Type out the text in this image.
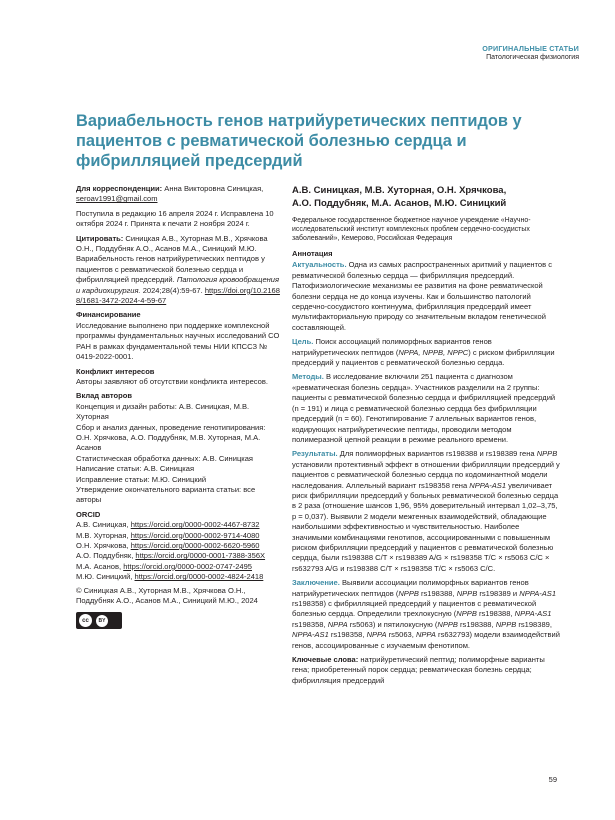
ОРИГИНАЛЬНЫЕ СТАТЬИ
Патологическая физиология
Вариабельность генов натрийуретических пептидов у пациентов с ревматической болезнью сердца и фибрилляцией предсердий

Для корреспонденции: Анна Викторовна Синицкая, seroav1991@gmail.com

Поступила в редакцию 16 апреля 2024 г. Исправлена 10 октября 2024 г. Принята к печати 2 ноября 2024 г.

Цитировать: Синицкая А.В., Хуторная М.В., Хрячкова О.Н., Поддубняк А.О., Асанов М.А., Синицкий М.Ю. Вариабельность генов натрийуретических пептидов у пациентов с ревматической болезнью сердца и фибрилляцией предсердий. Патология кровообращения и кардиохирургия. 2024;28(4):59-67. https://doi.org/10.21688/1681-3472-2024-4-59-67

Финансирование

Исследование выполнено при поддержке комплексной программы фундаментальных научных исследований СО РАН в рамках фундаментальной темы НИИ КПССЗ № 0419-2022-0001.

Конфликт интересов

Авторы заявляют об отсутствии конфликта интересов.

Вклад авторов

Концепция и дизайн работы: А.В. Синицкая, М.В. Хуторная

Сбор и анализ данных, проведение генотипирования: О.Н. Хрячкова, А.О. Поддубняк, М.В. Хуторная, М.А. Асанов

Статистическая обработка данных: А.В. Синицкая

Написание статьи: А.В. Синицкая

Исправление статьи: М.Ю. Синицкий

Утверждение окончательного варианта статьи: все авторы

ORCID

А.В. Синицкая, https://orcid.org/0000-0002-4467-8732

М.В. Хуторная, https://orcid.org/0000-0002-9714-4080

О.Н. Хрячкова, https://orcid.org/0000-0002-6620-5960

А.О. Поддубняк, https://orcid.org/0000-0001-7388-356X

М.А. Асанов, https://orcid.org/0000-0002-0747-2495

М.Ю. Синицкий, https://orcid.org/0000-0002-4824-2418

© Синицкая А.В., Хуторная М.В., Хрячкова О.Н., Поддубняк А.О., Асанов М.А., Синицкий М.Ю., 2024

cc	BY

А.В. Синицкая, М.В. Хуторная, О.Н. Хрячкова,

А.О. Поддубняк, М.А. Асанов, М.Ю. Синицкий

Федеральное государственное бюджетное научное учреждение «Научно-исследовательский институт комплексных проблем сердечно-сосудистых заболеваний», Кемерово, Российская Федерация

Аннотация

Актуальность. Одна из самых распространенных аритмий у пациентов с ревматической болезнью сердца — фибрилляция предсердий. Патофизиологические механизмы ее развития на фоне ревматической болезни сердца не до конца изучены. Как и большинство патологий сердечно-сосудистого континуума, фибрилляция предсердий имеет мультифакториальную природу со значительным вкладом генетической составляющей.

Цель. Поиск ассоциаций полиморфных вариантов генов натрийуретических пептидов (NPPA, NPPB, NPPC) с риском фибрилляции предсердий у пациентов с ревматической болезнью сердца.

Методы. В исследование включили 251 пациента с диагнозом «ревматическая болезнь сердца». Участников разделили на 2 группы: пациенты с ревматической болезнью сердца и фибрилляцией предсердий (n = 191) и лица с ревматической болезнью сердца без фибрилляции предсердий (n = 60). Генотипирование 7 аллельных вариантов генов, кодирующих натрийуретические пептиды, проводили методом полимеразной цепной реакции в режиме реального времени.

Результаты. Для полиморфных вариантов rs198388 и rs198389 гена NPPB установили протективный эффект в отношении фибрилляции предсердий у пациентов с ревматической болезнью сердца по кодоминантной модели наследования. Аллельный вариант rs198358 гена NPPA-AS1 увеличивает риск фибрилляции предсердий у больных ревматической болезнью сердца в 2 раза (отношение шансов 1,96, 95% доверительный интервал 1,02–3,75, p = 0,037). Выявили 2 модели межгенных взаимодействий, обладающие наибольшими эффективностью и чувствительностью. Наиболее значимыми комбинациями генотипов, ассоциированными с повышенным риском фибрилляции предсердий у пациентов с ревматической болезнью сердца, были rs198388 C/T × rs198389 A/G × rs198358 T/C × rs5063 C/C × rs632793 A/G и rs198388 C/T × rs198358 T/C × rs5063 C/C.

Заключение. Выявили ассоциации полиморфных вариантов генов натрийуретических пептидов (NPPB rs198388, NPPB rs198389 и NPPA-AS1 rs198358) с фибрилляцией предсердий у пациентов с ревматической болезнью сердца. Определили трехлокусную (NPPB rs198388, NPPA-AS1 rs198358, NPPA rs5063) и пятилокусную (NPPB rs198388, NPPB rs198389, NPPA-AS1 rs198358, NPPA rs5063, NPPA rs632793) модели взаимодействий генов, ассоциированные с изучаемым фенотипом.

Ключевые слова: натрийуретический пептид; полиморфные варианты гена; приобретенный порок сердца; ревматическая болезнь сердца; фибрилляция предсердий

59
